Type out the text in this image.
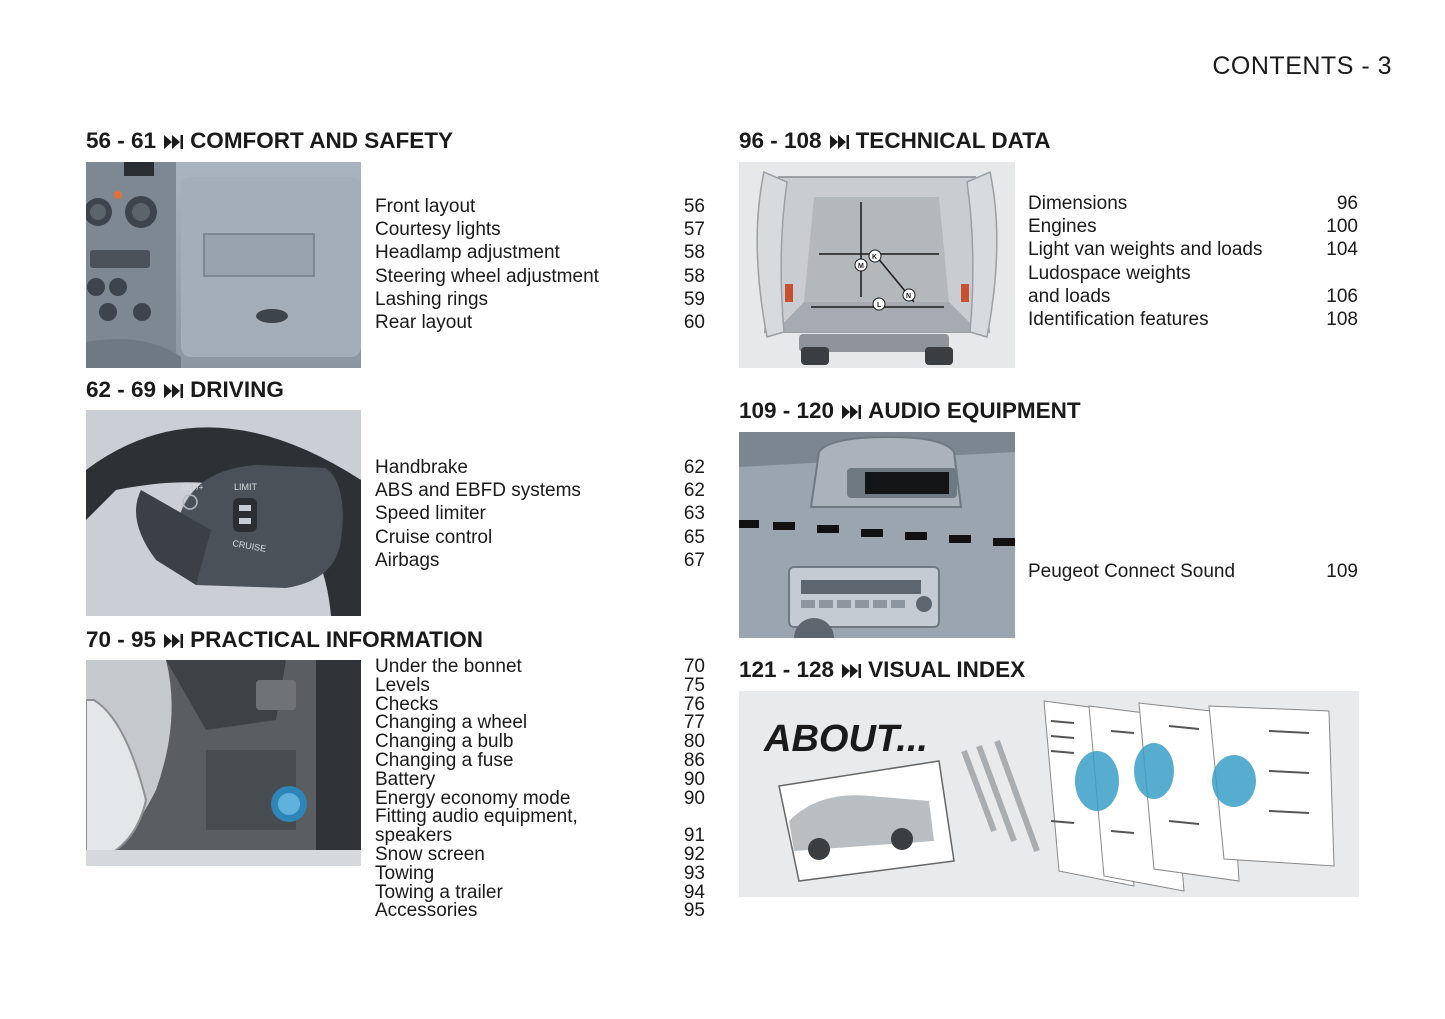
CONTENTS - 3
56 - 61 COMFORT AND SAFETY
Front layout	56
Courtesy lights	57
Headlamp adjustment	58
Steering wheel adjustment	58
Lashing rings	59
Rear layout	60
62 - 69 DRIVING
LIMIT
CRUISE
SET/+
Handbrake	62
ABS and EBFD systems	62
Speed limiter	63
Cruise control	65
Airbags	67
70 - 95 PRACTICAL INFORMATION
Under the bonnet	70
Levels	75
Checks	76
Changing a wheel	77
Changing a bulb	80
Changing a fuse	86
Battery	90
Energy economy mode	90
Fitting audio equipment,
speakers	91
Snow screen	92
Towing	93
Towing a trailer	94
Accessories	95
96 - 108 TECHNICAL DATA
K
M
L
N
Dimensions	96
Engines	100
Light van weights and loads	104
Ludospace weights
and loads	106
Identification features	108
109 - 120 AUDIO EQUIPMENT
Peugeot Connect Sound	109
121 - 128 VISUAL INDEX
ABOUT...
